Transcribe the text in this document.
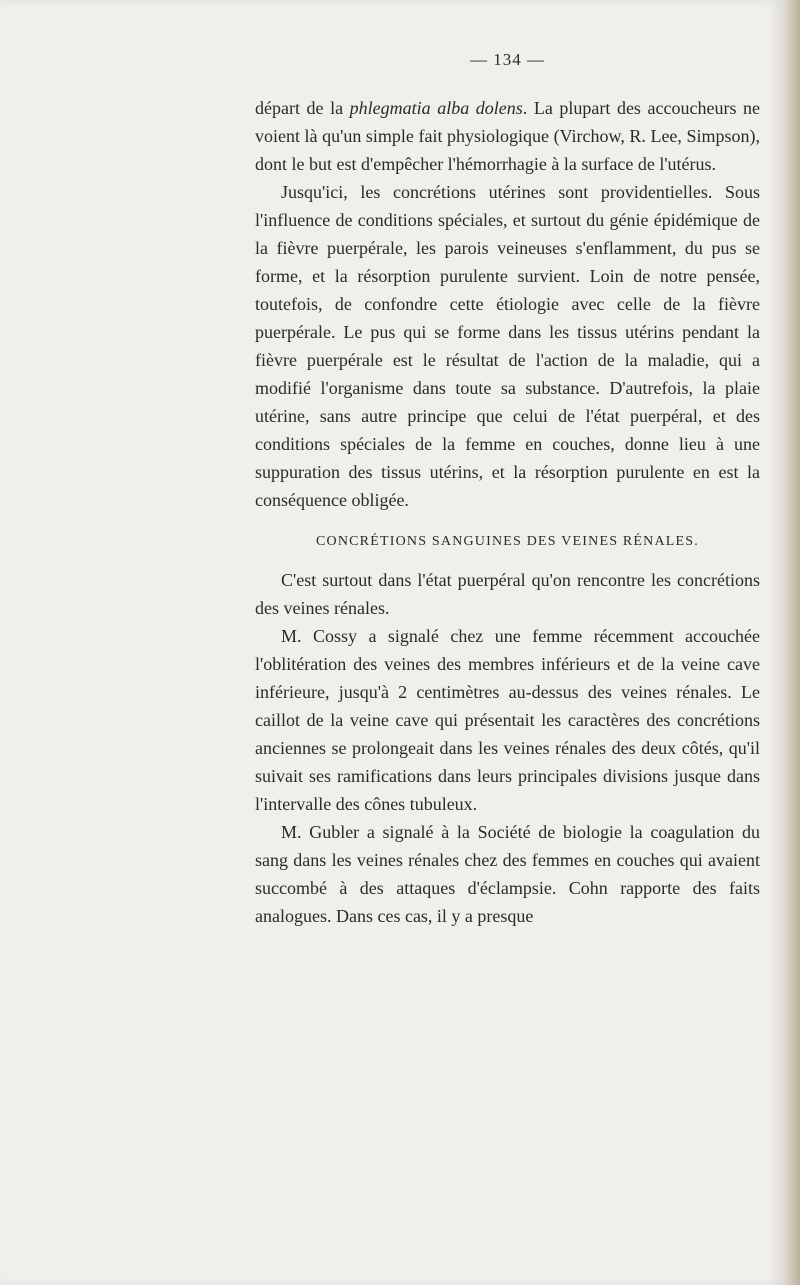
— 134 —

départ de la phlegmatia alba dolens. La plupart des accoucheurs ne voient là qu'un simple fait physiologique (Virchow, R. Lee, Simpson), dont le but est d'empêcher l'hémorrhagie à la surface de l'utérus.

Jusqu'ici, les concrétions utérines sont providentielles. Sous l'influence de conditions spéciales, et surtout du génie épidémique de la fièvre puerpérale, les parois veineuses s'enflamment, du pus se forme, et la résorption purulente survient. Loin de notre pensée, toutefois, de confondre cette étiologie avec celle de la fièvre puerpérale. Le pus qui se forme dans les tissus utérins pendant la fièvre puerpérale est le résultat de l'action de la maladie, qui a modifié l'organisme dans toute sa substance. D'autrefois, la plaie utérine, sans autre principe que celui de l'état puerpéral, et des conditions spéciales de la femme en couches, donne lieu à une suppuration des tissus utérins, et la résorption purulente en est la conséquence obligée.

CONCRÉTIONS SANGUINES DES VEINES RÉNALES.

C'est surtout dans l'état puerpéral qu'on rencontre les concrétions des veines rénales.

M. Cossy a signalé chez une femme récemment accouchée l'oblitération des veines des membres inférieurs et de la veine cave inférieure, jusqu'à 2 centimètres au-dessus des veines rénales. Le caillot de la veine cave qui présentait les caractères des concrétions anciennes se prolongeait dans les veines rénales des deux côtés, qu'il suivait ses ramifications dans leurs principales divisions jusque dans l'intervalle des cônes tubuleux.

M. Gubler a signalé à la Société de biologie la coagulation du sang dans les veines rénales chez des femmes en couches qui avaient succombé à des attaques d'éclampsie. Cohn rapporte des faits analogues. Dans ces cas, il y a presque
